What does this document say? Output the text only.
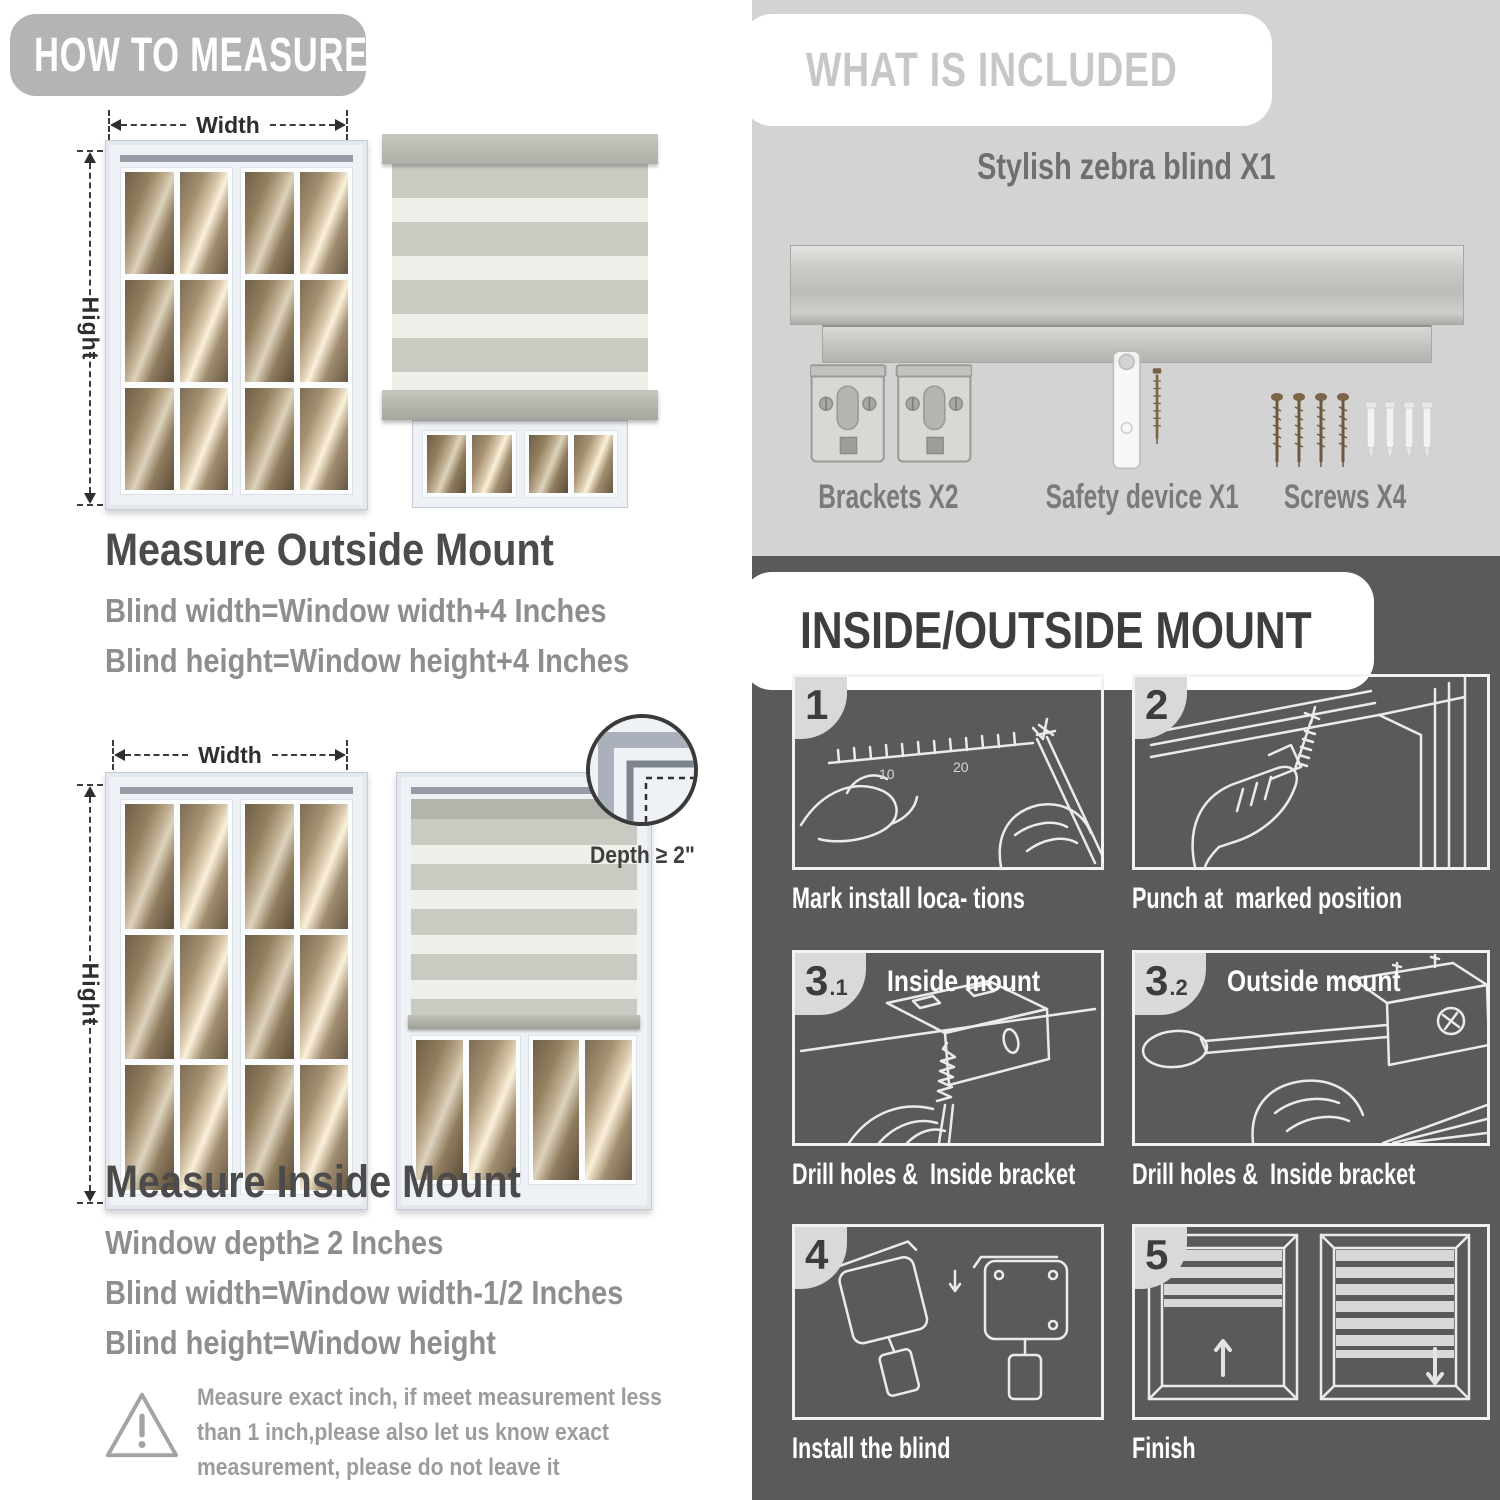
HOW TO MEASURE
Width
Hight
Measure Outside Mount
Blind width=Window width+4 Inches
Blind height=Window height+4 Inches
Width
Hight
Depth ≥ 2"
Measure Inside Mount
Window depth≥ 2 Inches
Blind width=Window width-1/2 Inches
Blind height=Window height
Measure exact inch, if meet measurement less
than 1 inch,please also let us know exact
measurement, please do not leave it
WHAT IS INCLUDED
Stylish zebra blind X1
Brackets X2	Safety device X1	Screws X4
INSIDE/OUTSIDE MOUNT
1
10	20
Mark install loca- tions
2
Punch at  marked position
3 .1 Inside mount
Drill holes &  Inside bracket
3 .2 Outside mount
Drill holes &  Inside bracket
4
Install the blind
5
Finish
